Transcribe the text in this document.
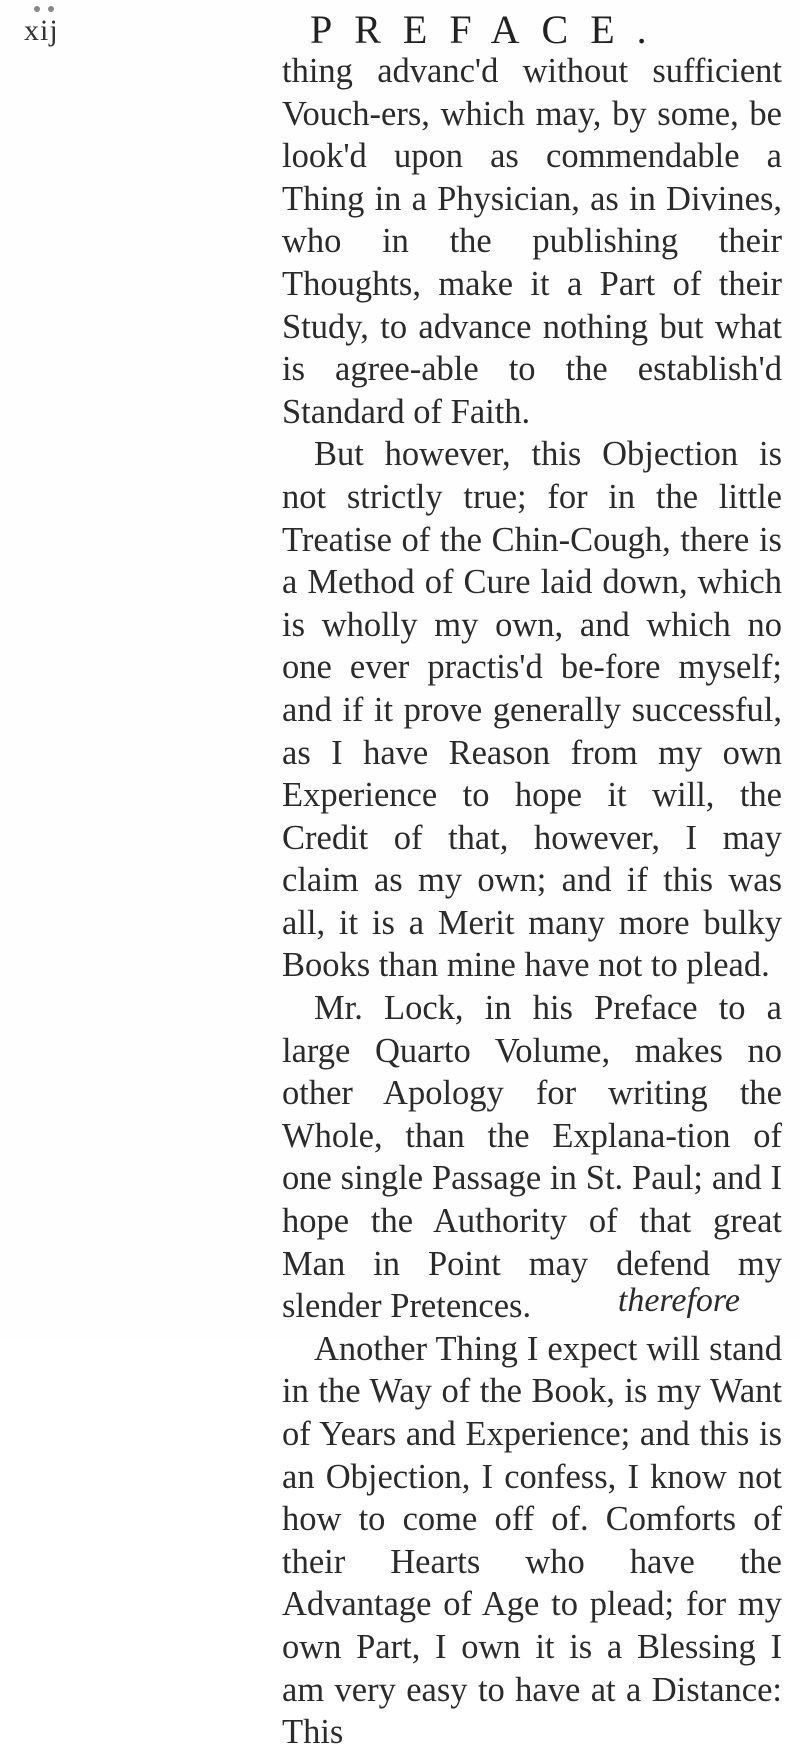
xij	PREFACE.

thing advanc'd without sufficient Vouch-ers, which may, by some, be look'd upon as commendable a Thing in a Physician, as in Divines, who in the publishing their Thoughts, make it a Part of their Study, to advance nothing but what is agree-able to the establish'd Standard of Faith.

But however, this Objection is not strictly true; for in the little Treatise of the Chin-Cough, there is a Method of Cure laid down, which is wholly my own, and which no one ever practis'd be-fore myself; and if it prove generally successful, as I have Reason from my own Experience to hope it will, the Credit of that, however, I may claim as my own; and if this was all, it is a Merit many more bulky Books than mine have not to plead.

Mr. Lock, in his Preface to a large Quarto Volume, makes no other Apology for writing the Whole, than the Explana-tion of one single Passage in St. Paul; and I hope the Authority of that great Man in Point may defend my slender Pretences.

Another Thing I expect will stand in the Way of the Book, is my Want of Years and Experience; and this is an Objection, I confess, I know not how to come off of. Comforts of their Hearts who have the Advantage of Age to plead; for my own Part, I own it is a Blessing I am very easy to have at a Distance: This

therefore
